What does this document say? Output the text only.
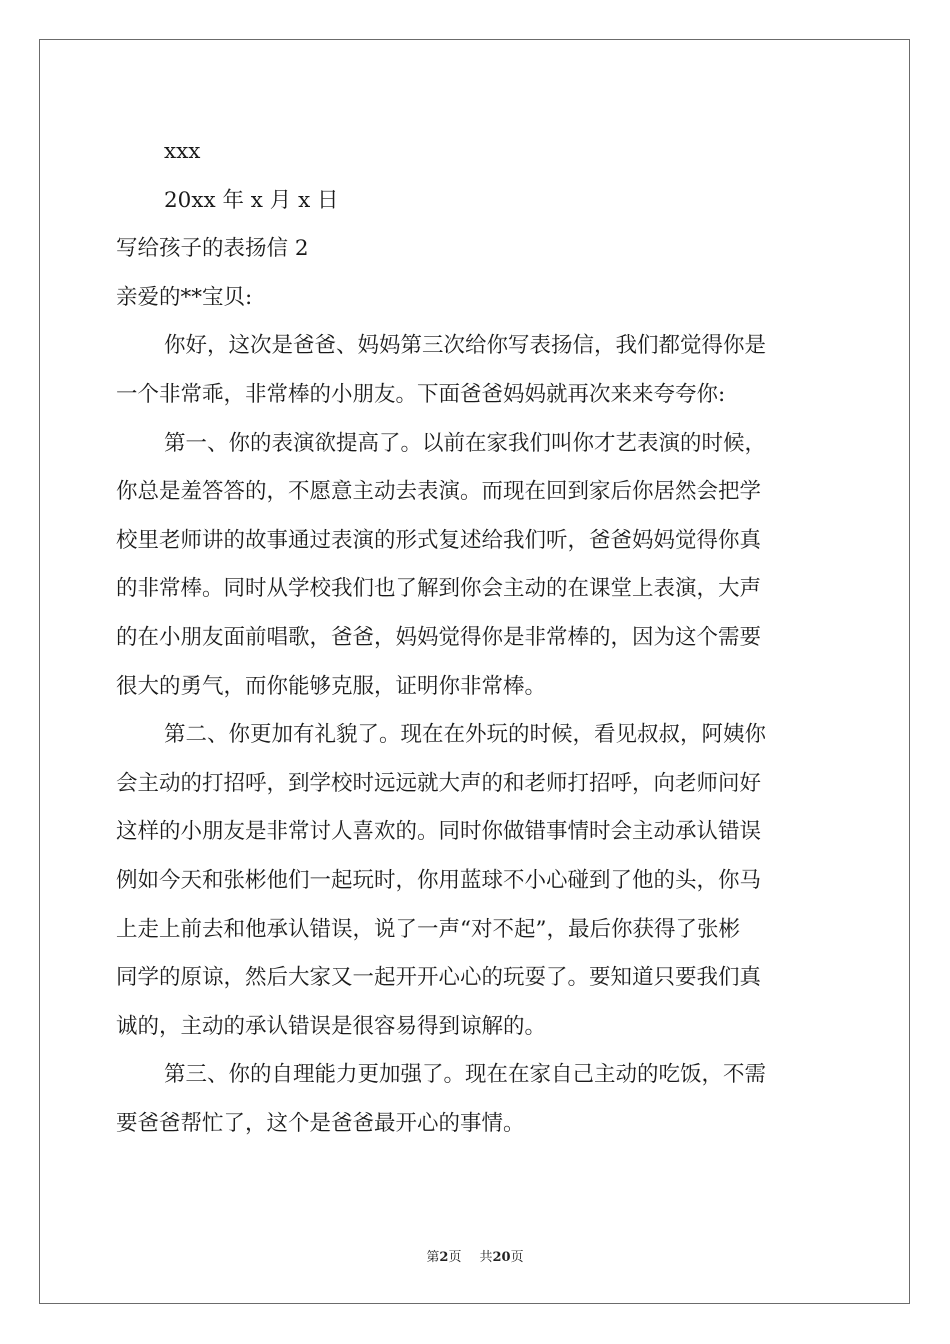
xxx
20xx 年 x 月 x 日
写给孩子的表扬信 2
亲爱的**宝贝:
你好，这次是爸爸、妈妈第三次给你写表扬信，我们都觉得你是
一个非常乖，非常棒的小朋友。下面爸爸妈妈就再次来来夸夸你:
第一、你的表演欲提高了。以前在家我们叫你才艺表演的时候，
你总是羞答答的，不愿意主动去表演。而现在回到家后你居然会把学
校里老师讲的故事通过表演的形式复述给我们听，爸爸妈妈觉得你真
的非常棒。同时从学校我们也了解到你会主动的在课堂上表演，大声
的在小朋友面前唱歌，爸爸，妈妈觉得你是非常棒的，因为这个需要
很大的勇气，而你能够克服，证明你非常棒。
第二、你更加有礼貌了。现在在外玩的时候，看见叔叔，阿姨你
会主动的打招呼，到学校时远远就大声的和老师打招呼，向老师问好
这样的小朋友是非常讨人喜欢的。同时你做错事情时会主动承认错误
例如今天和张彬他们一起玩时，你用蓝球不小心碰到了他的头，你马
上走上前去和他承认错误，说了一声“对不起”，最后你获得了张彬
同学的原谅，然后大家又一起开开心心的玩耍了。要知道只要我们真
诚的，主动的承认错误是很容易得到谅解的。
第三、你的自理能力更加强了。现在在家自己主动的吃饭，不需
要爸爸帮忙了，这个是爸爸最开心的事情。
第2页 共20页
